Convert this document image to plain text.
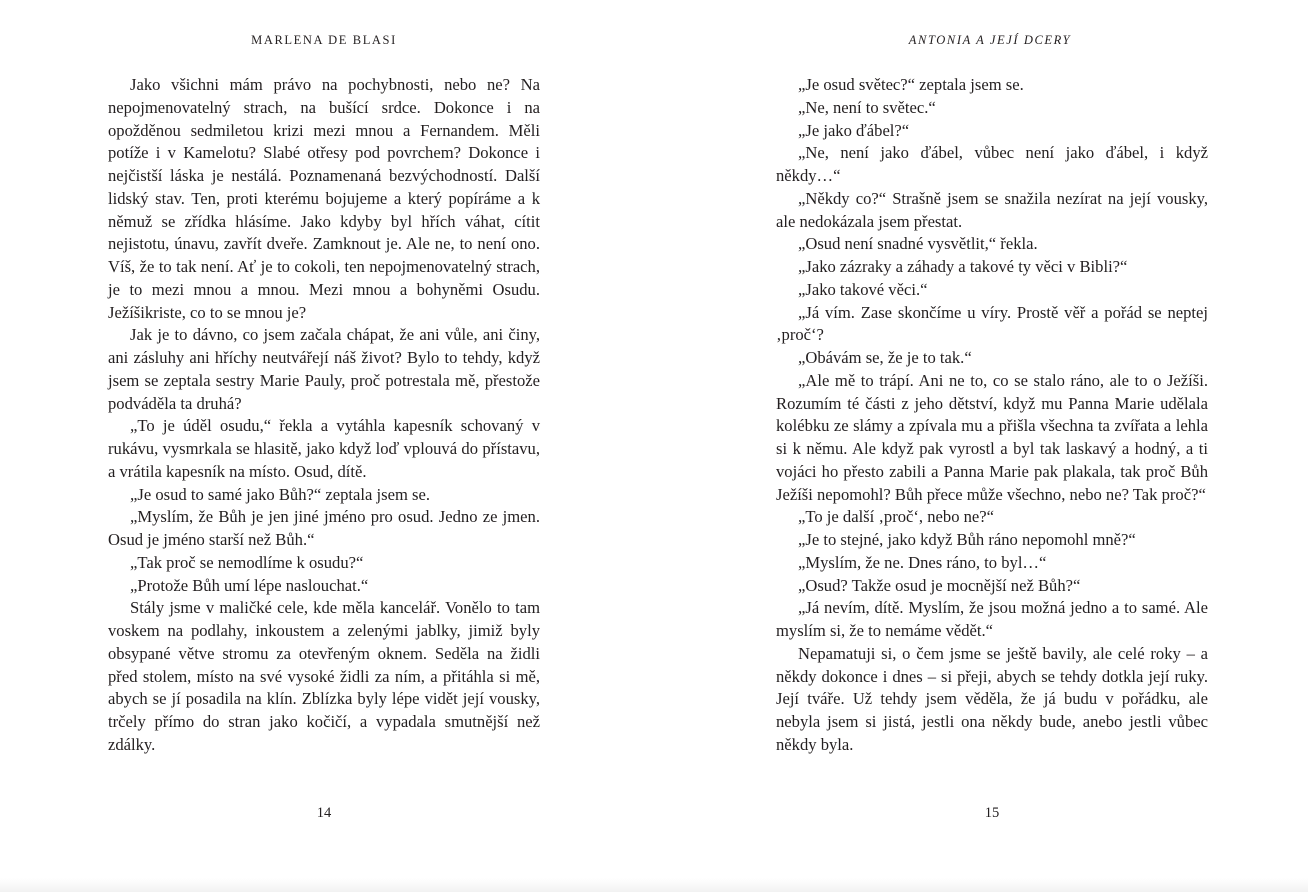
MARLENA DE BLASI

Jako všichni mám právo na pochybnosti, nebo ne? Na nepojmenovatelný strach, na bušící srdce. Dokonce i na opožděnou sedmiletou krizi mezi mnou a Fernandem. Měli potíže i v Kamelotu? Slabé otřesy pod povrchem? Dokonce i nejčistší láska je nestálá. Poznamenaná bezvýchodností. Další lidský stav. Ten, proti kterému bojujeme a který popíráme a k němuž se zřídka hlásíme. Jako kdyby byl hřích váhat, cítit nejistotu, únavu, zavřít dveře. Zamknout je. Ale ne, to není ono. Víš, že to tak není. Ať je to cokoli, ten nepojmenovatelný strach, je to mezi mnou a mnou. Mezi mnou a bohyněmi Osudu. Ježíšikriste, co to se mnou je?

Jak je to dávno, co jsem začala chápat, že ani vůle, ani činy, ani zásluhy ani hříchy neutvářejí náš život? Bylo to tehdy, když jsem se zeptala sestry Marie Pauly, proč potrestala mě, přestože podváděla ta druhá?

„To je úděl osudu,“ řekla a vytáhla kapesník schovaný v rukávu, vysmrkala se hlasitě, jako když loď vplouvá do přístavu, a vrátila kapesník na místo. Osud, dítě.

„Je osud to samé jako Bůh?“ zeptala jsem se.

„Myslím, že Bůh je jen jiné jméno pro osud. Jedno ze jmen. Osud je jméno starší než Bůh.“

„Tak proč se nemodlíme k osudu?“

„Protože Bůh umí lépe naslouchat.“

Stály jsme v maličké cele, kde měla kancelář. Vonělo to tam voskem na podlahy, inkoustem a zelenými jablky, jimiž byly obsypané větve stromu za otevřeným oknem. Seděla na židli před stolem, místo na své vysoké židli za ním, a přitáhla si mě, abych se jí posadila na klín. Zblízka byly lépe vidět její vousky, trčely přímo do stran jako kočičí, a vypadala smutnější než zdálky.

14
ANTONIA A JEJÍ DCERY

„Je osud světec?“ zeptala jsem se.

„Ne, není to světec.“

„Je jako ďábel?“

„Ne, není jako ďábel, vůbec není jako ďábel, i když někdy…“

„Někdy co?“ Strašně jsem se snažila nezírat na její vousky, ale nedokázala jsem přestat.

„Osud není snadné vysvětlit,“ řekla.

„Jako zázraky a záhady a takové ty věci v Bibli?“

„Jako takové věci.“

„Já vím. Zase skončíme u víry. Prostě věř a pořád se neptej ‚proč‘?

„Obávám se, že je to tak.“

„Ale mě to trápí. Ani ne to, co se stalo ráno, ale to o Ježíši. Rozumím té části z jeho dětství, když mu Panna Marie udělala kolébku ze slámy a zpívala mu a přišla všechna ta zvířata a lehla si k němu. Ale když pak vyrostl a byl tak laskavý a hodný, a ti vojáci ho přesto zabili a Panna Marie pak plakala, tak proč Bůh Ježíši nepomohl? Bůh přece může všechno, nebo ne? Tak proč?“

„To je další ‚proč‘, nebo ne?“

„Je to stejné, jako když Bůh ráno nepomohl mně?“

„Myslím, že ne. Dnes ráno, to byl…“

„Osud? Takže osud je mocnější než Bůh?“

„Já nevím, dítě. Myslím, že jsou možná jedno a to samé. Ale myslím si, že to nemáme vědět.“

Nepamatuji si, o čem jsme se ještě bavily, ale celé roky – a někdy dokonce i dnes – si přeji, abych se tehdy dotkla její ruky. Její tváře. Už tehdy jsem věděla, že já budu v pořádku, ale nebyla jsem si jistá, jestli ona někdy bude, anebo jestli vůbec někdy byla.

15
